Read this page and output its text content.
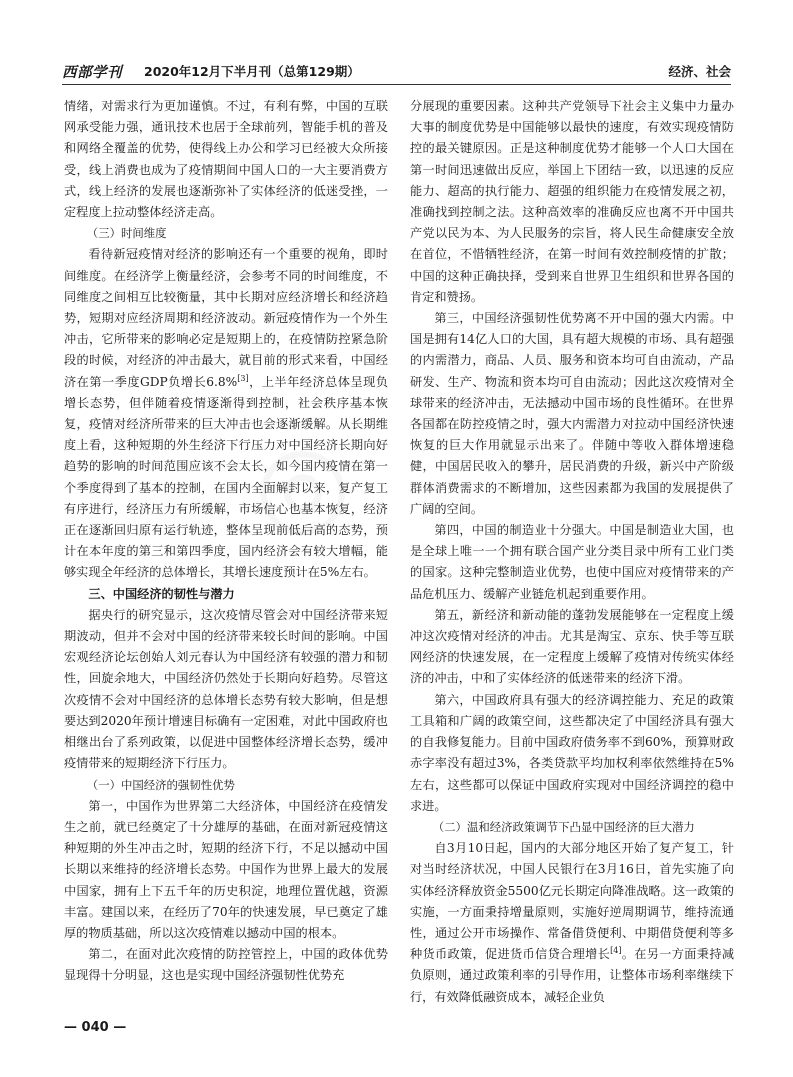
西部学刊 2020年12月下半月刊（总第129期）	经济、社会

情绪，对需求行为更加谨慎。不过，有利有弊，中国的互联网承受能力强，通讯技术也居于全球前列，智能手机的普及和网络全覆盖的优势，使得线上办公和学习已经被大众所接受，线上消费也成为了疫情期间中国人口的一大主要消费方式，线上经济的发展也逐渐弥补了实体经济的低迷受挫，一定程度上拉动整体经济走高。

（三）时间维度

看待新冠疫情对经济的影响还有一个重要的视角，即时间维度。在经济学上衡量经济，会参考不同的时间维度，不同维度之间相互比较衡量，其中长期对应经济增长和经济趋势，短期对应经济周期和经济波动。新冠疫情作为一个外生冲击，它所带来的影响必定是短期上的，在疫情防控紧急阶段的时候，对经济的冲击最大，就目前的形式来看，中国经济在第一季度GDP负增长6.8%[3]，上半年经济总体呈现负增长态势，但伴随着疫情逐渐得到控制，社会秩序基本恢复，疫情对经济所带来的巨大冲击也会逐渐缓解。从长期维度上看，这种短期的外生经济下行压力对中国经济长期向好趋势的影响的时间范围应该不会太长，如今国内疫情在第一个季度得到了基本的控制，在国内全面解封以来，复产复工有序进行，经济压力有所缓解，市场信心也基本恢复，经济正在逐渐回归原有运行轨迹，整体呈现前低后高的态势，预计在本年度的第三和第四季度，国内经济会有较大增幅，能够实现全年经济的总体增长，其增长速度预计在5%左右。

三、中国经济的韧性与潜力

据央行的研究显示，这次疫情尽管会对中国经济带来短期波动，但并不会对中国的经济带来较长时间的影响。中国宏观经济论坛创始人刘元春认为中国经济有较强的潜力和韧性，回旋余地大，中国经济仍然处于长期向好趋势。尽管这次疫情不会对中国经济的总体增长态势有较大影响，但是想要达到2020年预计增速目标确有一定困难，对此中国政府也相继出台了系列政策，以促进中国整体经济增长态势，缓冲疫情带来的短期经济下行压力。

（一）中国经济的强韧性优势

第一，中国作为世界第二大经济体，中国经济在疫情发生之前，就已经奠定了十分雄厚的基础，在面对新冠疫情这种短期的外生冲击之时，短期的经济下行，不足以撼动中国长期以来维持的经济增长态势。中国作为世界上最大的发展中国家，拥有上下五千年的历史积淀，地理位置优越，资源丰富。建国以来，在经历了70年的快速发展，早已奠定了雄厚的物质基础，所以这次疫情难以撼动中国的根本。

第二，在面对此次疫情的防控管控上，中国的政体优势显现得十分明显，这也是实现中国经济强韧性优势充

分展现的重要因素。这种共产党领导下社会主义集中力量办大事的制度优势是中国能够以最快的速度，有效实现疫情防控的最关键原因。正是这种制度优势才能够一个人口大国在第一时间迅速做出反应，举国上下团结一致，以迅速的反应能力、超高的执行能力、超强的组织能力在疫情发展之初，准确找到控制之法。这种高效率的准确反应也离不开中国共产党以民为本、为人民服务的宗旨，将人民生命健康安全放在首位，不惜牺牲经济，在第一时间有效控制疫情的扩散；中国的这种正确抉择，受到来自世界卫生组织和世界各国的肯定和赞扬。

第三，中国经济强韧性优势离不开中国的强大内需。中国是拥有14亿人口的大国，具有超大规模的市场、具有超强的内需潜力，商品、人员、服务和资本均可自由流动，产品研发、生产、物流和资本均可自由流动；因此这次疫情对全球带来的经济冲击，无法撼动中国市场的良性循环。在世界各国都在防控疫情之时，强大内需潜力对拉动中国经济快速恢复的巨大作用就显示出来了。伴随中等收入群体增速稳健，中国居民收入的攀升，居民消费的升级，新兴中产阶级群体消费需求的不断增加，这些因素都为我国的发展提供了广阔的空间。

第四，中国的制造业十分强大。中国是制造业大国，也是全球上唯一一个拥有联合国产业分类目录中所有工业门类的国家。这种完整制造业优势，也使中国应对疫情带来的产品危机压力、缓解产业链危机起到重要作用。

第五，新经济和新动能的蓬勃发展能够在一定程度上缓冲这次疫情对经济的冲击。尤其是淘宝、京东、快手等互联网经济的快速发展，在一定程度上缓解了疫情对传统实体经济的冲击，中和了实体经济的低迷带来的经济下滑。

第六，中国政府具有强大的经济调控能力、充足的政策工具箱和广阔的政策空间，这些都决定了中国经济具有强大的自我修复能力。目前中国政府债务率不到60%，预算财政赤字率没有超过3%，各类贷款平均加权利率依然维持在5%左右，这些都可以保证中国政府实现对中国经济调控的稳中求进。

（二）温和经济政策调节下凸显中国经济的巨大潜力

自3月10日起，国内的大部分地区开始了复产复工，针对当时经济状况，中国人民银行在3月16日，首先实施了向实体经济释放资金5500亿元长期定向降准战略。这一政策的实施，一方面秉持增量原则，实施好逆周期调节，维持流通性，通过公开市场操作、常备借贷便利、中期借贷便利等多种货币政策，促进货币信贷合理增长[4]。在另一方面秉持减负原则，通过政策利率的引导作用，让整体市场利率继续下行，有效降低融资成本，减轻企业负

— 040 —
